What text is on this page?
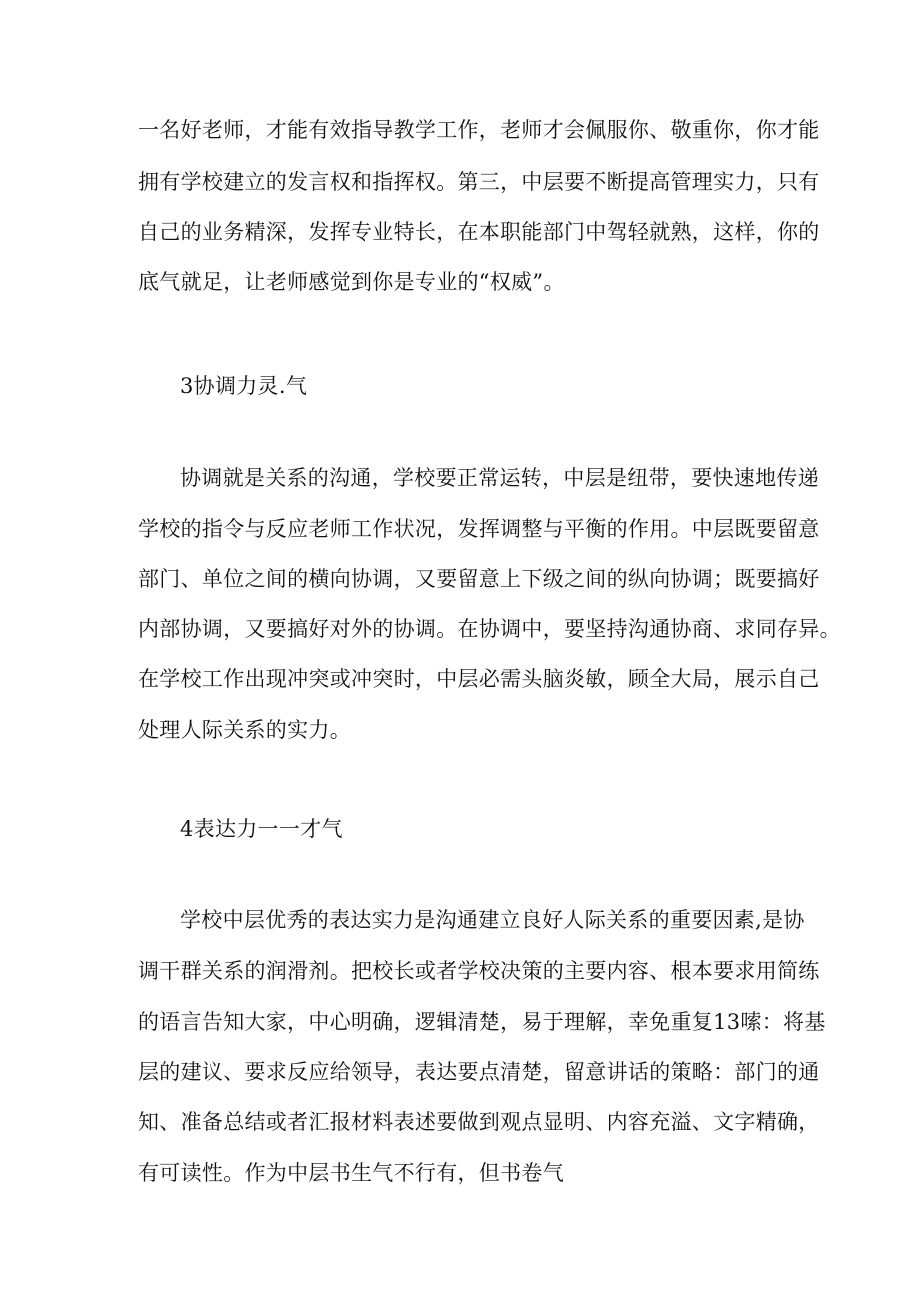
一名好老师，才能有效指导教学工作，老师才会佩服你、敬重你，你才能
拥有学校建立的发言权和指挥权。第三，中层要不断提高管理实力，只有
自己的业务精深，发挥专业特长，在本职能部门中驾轻就熟，这样，你的
底气就足，让老师感觉到你是专业的“权威”。
3协调力灵.气
协调就是关系的沟通，学校要正常运转，中层是纽带，要快速地传递
学校的指令与反应老师工作状况，发挥调整与平衡的作用。中层既要留意
部门、单位之间的横向协调，又要留意上下级之间的纵向协调；既要搞好
内部协调，又要搞好对外的协调。在协调中，要坚持沟通协商、求同存异。
在学校工作出现冲突或冲突时，中层必需头脑炎敏，顾全大局，展示自己
处理人际关系的实力。
4表达力一一才气
学校中层优秀的表达实力是沟通建立良好人际关系的重要因素,是协
调干群关系的润滑剂。把校长或者学校决策的主要内容、根本要求用简练
的语言告知大家，中心明确，逻辑清楚，易于理解，幸免重复13嗦：将基
层的建议、要求反应给领导，表达要点清楚，留意讲话的策略：部门的通
知、准备总结或者汇报材料表述要做到观点显明、内容充溢、文字精确，
有可读性。作为中层书生气不行有，但书卷气
